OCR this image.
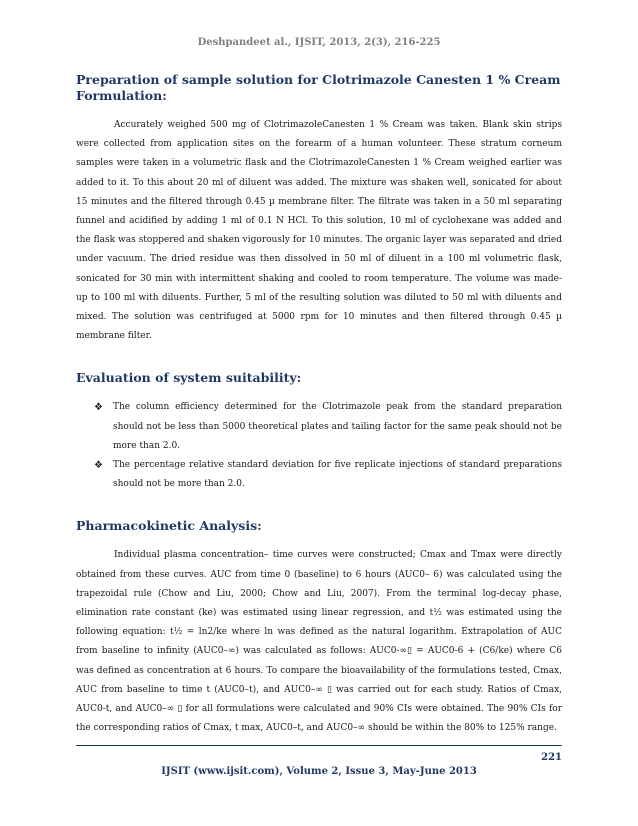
Deshpandeet al., IJSIT, 2013, 2(3), 216-225
Preparation of sample solution for Clotrimazole Canesten 1 % Cream Formulation:

Accurately weighed 500 mg of ClotrimazoleCanesten 1 % Cream was taken. Blank skin strips were collected from application sites on the forearm of a human volunteer. These stratum corneum samples were taken in a volumetric flask and the ClotrimazoleCanesten 1 % Cream weighed earlier was added to it. To this about 20 ml of diluent was added. The mixture was shaken well, sonicated for about 15 minutes and the filtered through 0.45 µ membrane filter. The filtrate was taken in a 50 ml separating funnel and acidified by adding 1 ml of 0.1 N HCl. To this solution, 10 ml of cyclohexane was added and the flask was stoppered and shaken vigorously for 10 minutes. The organic layer was separated and dried under vacuum. The dried residue was then dissolved in 50 ml of diluent in a 100 ml volumetric flask, sonicated for 30 min with intermittent shaking and cooled to room temperature. The volume was made-up to 100 ml with diluents. Further, 5 ml of the resulting solution was diluted to 50 ml with diluents and mixed. The solution was centrifuged at 5000 rpm for 10 minutes and then filtered through 0.45 µ membrane filter.

Evaluation of system suitability:
❖ The column efficiency determined for the Clotrimazole peak from the standard preparation should not be less than 5000 theoretical plates and tailing factor for the same peak should not be more than 2.0.
❖ The percentage relative standard deviation for five replicate injections of standard preparations should not be more than 2.0.
Pharmacokinetic Analysis:

Individual plasma concentration– time curves were constructed; Cmax and Tmax were directly obtained from these curves. AUC from time 0 (baseline) to 6 hours (AUC0– 6) was calculated using the trapezoidal rule (Chow and Liu, 2000; Chow and Liu, 2007). From the terminal log-decay phase, elimination rate constant (ke) was estimated using linear regression, and t½ was estimated using the following equation: t½ = ln2/ke where ln was defined as the natural logarithm. Extrapolation of AUC from baseline to infinity (AUC0–∞) was calculated as follows: AUC0-∞▯ = AUC0-6 + (C6/ke) where C6 was defined as concentration at 6 hours. To compare the bioavailability of the formulations tested, Cmax, AUC from baseline to time t (AUC0–t), and AUC0–∞ ▯ was carried out for each study. Ratios of Cmax, AUC0-t, and AUC0–∞ ▯ for all formulations were calculated and 90% CIs were obtained. The 90% CIs for the corresponding ratios of Cmax, t max, AUC0–t, and AUC0–∞ should be within the 80% to 125% range.

221
IJSIT (www.ijsit.com), Volume 2, Issue 3, May-June 2013
